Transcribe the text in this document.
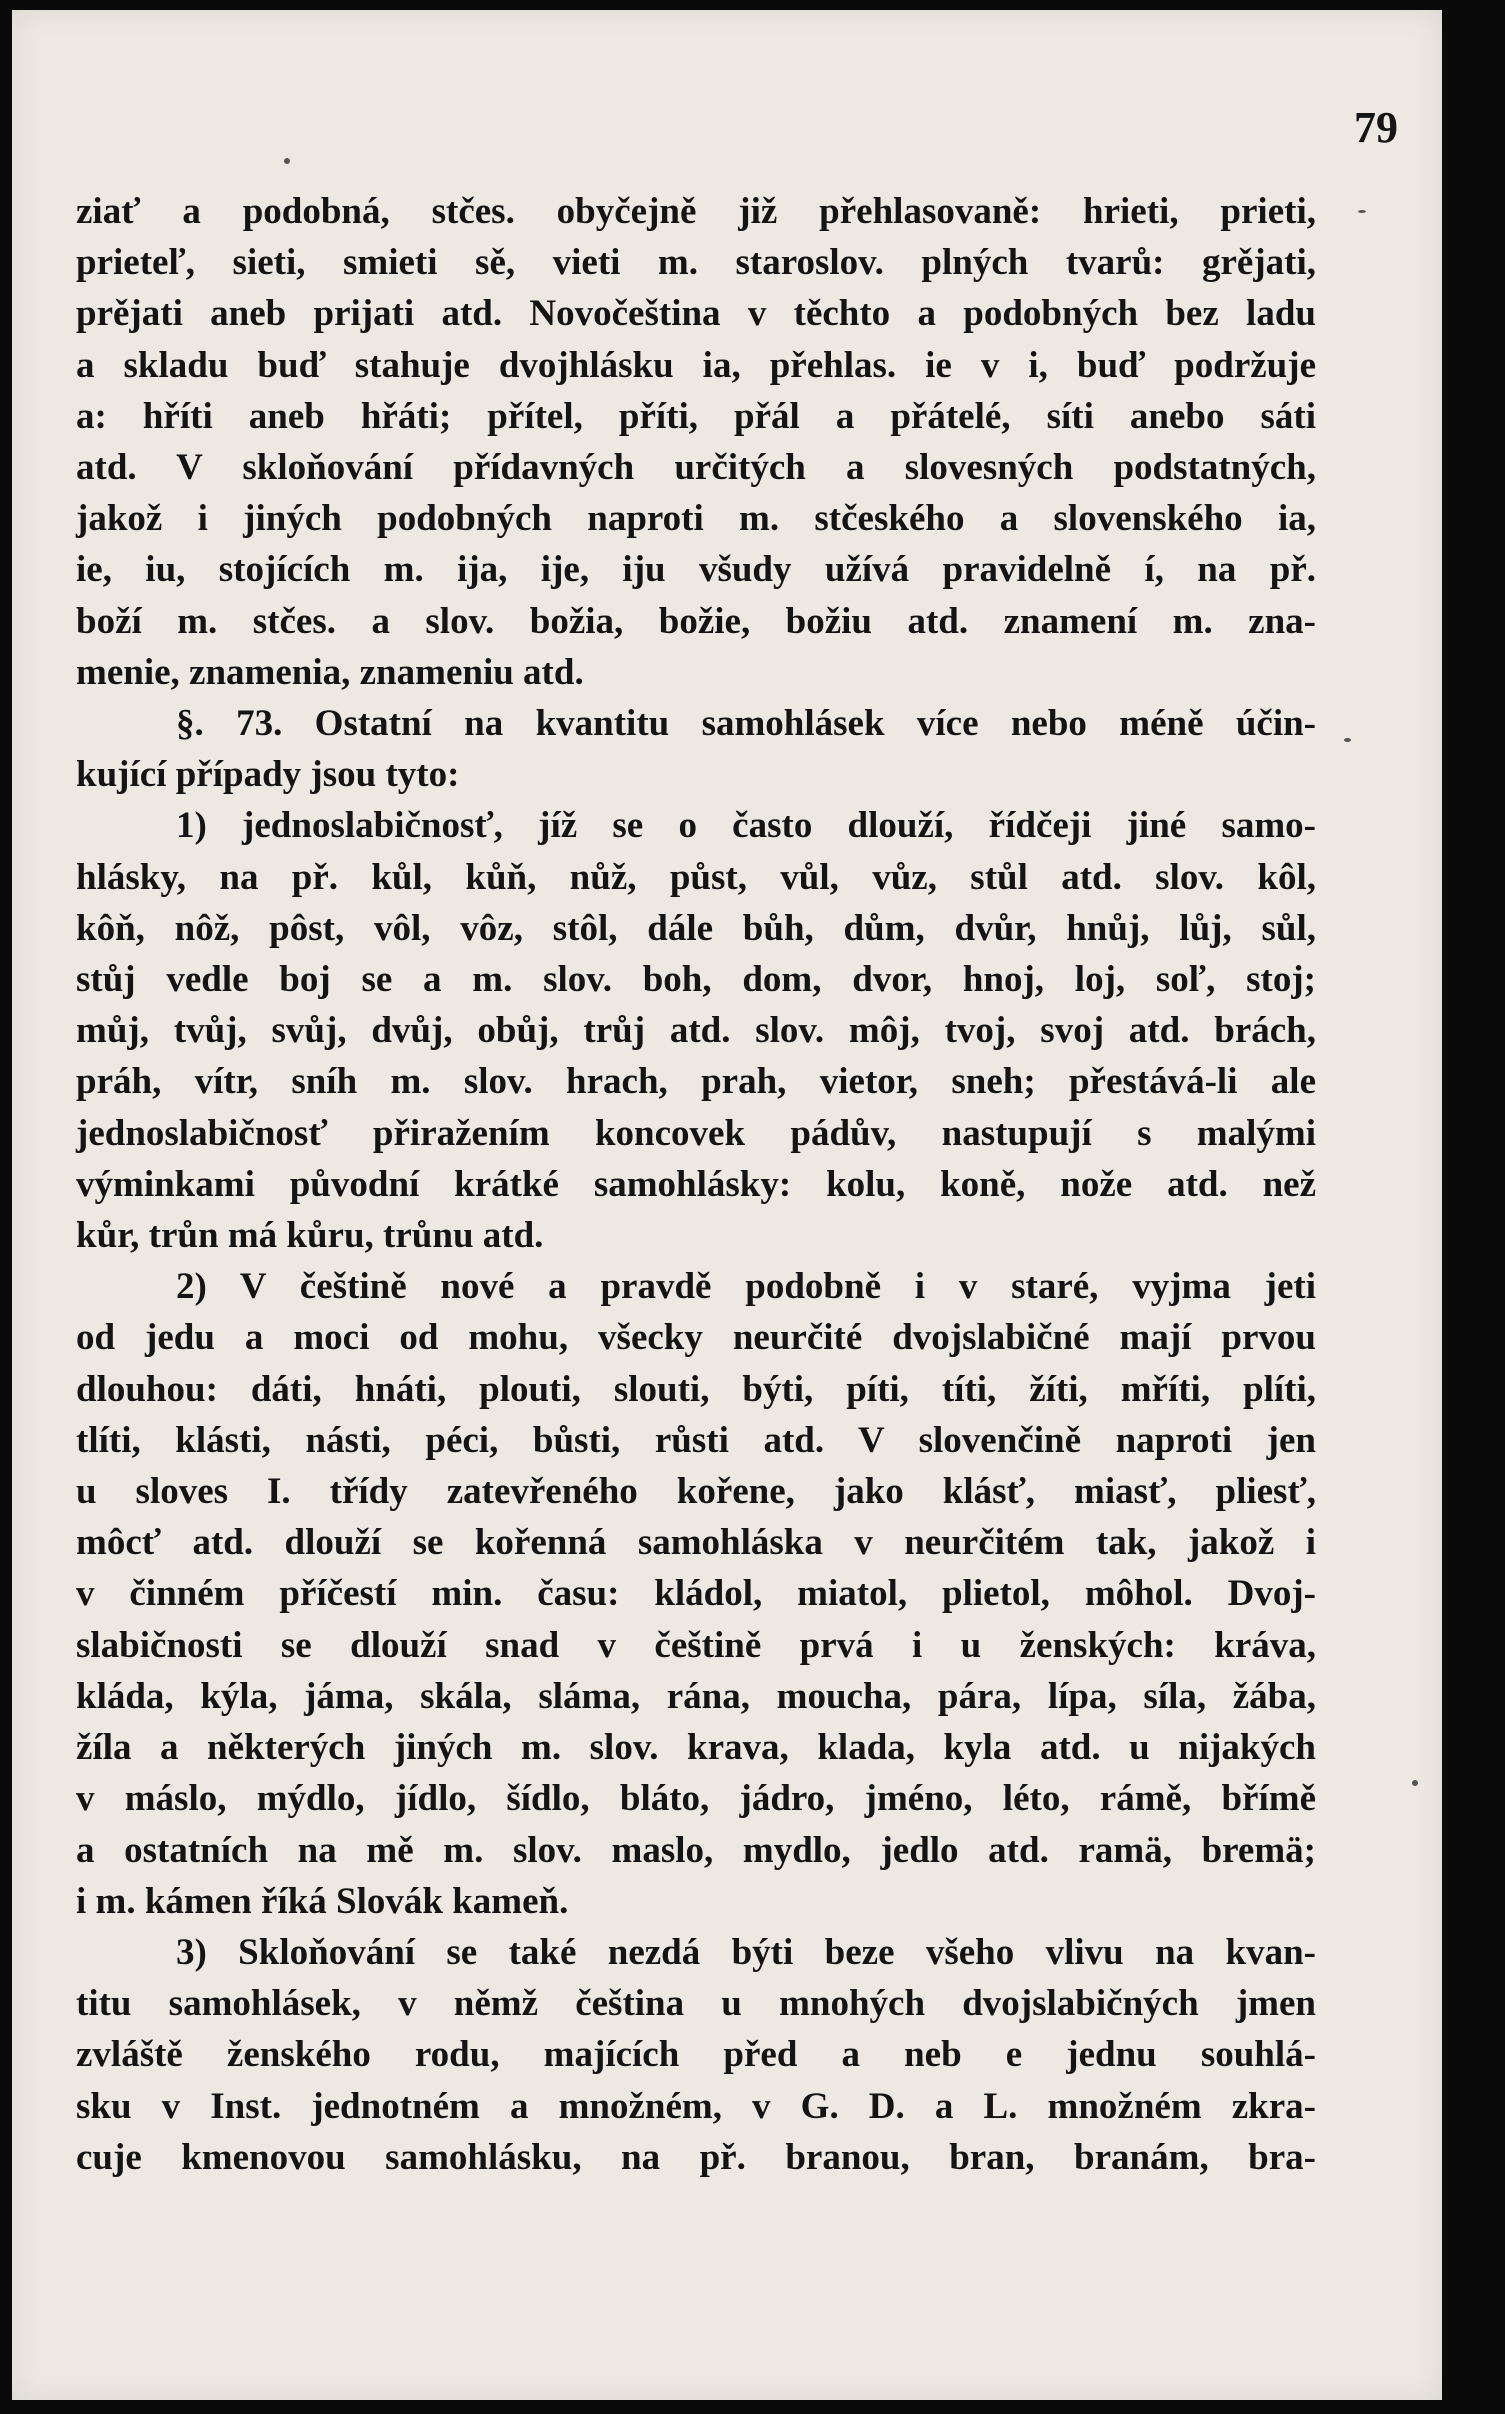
79
ziať a podobná, stčes. obyčejně již přehlasovaně: hrieti, prieti,
prieteľ, sieti, smieti sě, vieti m. staroslov. plných tvarů: grějati,
prějati aneb prijati atd. Novočeština v těchto a podobných bez ladu
a skladu buď stahuje dvojhlásku ia, přehlas. ie v i, buď podržuje
a: hříti aneb hřáti; přítel, příti, přál a přátelé, síti anebo sáti
atd. V skloňování přídavných určitých a slovesných podstatných,
jakož i jiných podobných naproti m. stčeského a slovenského ia,
ie, iu, stojících m. ija, ije, iju všudy užívá pravidelně í, na př.
boží m. stčes. a slov. božia, božie, božiu atd. znamení m. zna-
menie, znamenia, znameniu atd.
§. 73. Ostatní na kvantitu samohlásek více nebo méně účin-
kující případy jsou tyto:
1) jednoslabičnosť, jíž se o často dlouží, řídčeji jiné samo-
hlásky, na př. kůl, kůň, nůž, půst, vůl, vůz, stůl atd. slov. kôl,
kôň, nôž, pôst, vôl, vôz, stôl, dále bůh, dům, dvůr, hnůj, lůj, sůl,
stůj vedle boj se a m. slov. boh, dom, dvor, hnoj, loj, soľ, stoj;
můj, tvůj, svůj, dvůj, obůj, trůj atd. slov. môj, tvoj, svoj atd. brách,
práh, vítr, sníh m. slov. hrach, prah, vietor, sneh; přestává-li ale
jednoslabičnosť přiražením koncovek pádův, nastupují s malými
výminkami původní krátké samohlásky: kolu, koně, nože atd. než
kůr, trůn má kůru, trůnu atd.
2) V češtině nové a pravdě podobně i v staré, vyjma jeti
od jedu a moci od mohu, všecky neurčité dvojslabičné mají prvou
dlouhou: dáti, hnáti, plouti, slouti, býti, píti, títi, žíti, mříti, plíti,
tlíti, klásti, násti, péci, bůsti, růsti atd. V slovenčině naproti jen
u sloves I. třídy zatevřeného kořene, jako klásť, miasť, pliesť,
môcť atd. dlouží se kořenná samohláska v neurčitém tak, jakož i
v činném příčestí min. času: kládol, miatol, plietol, môhol. Dvoj-
slabičnosti se dlouží snad v češtině prvá i u ženských: kráva,
kláda, kýla, jáma, skála, sláma, rána, moucha, pára, lípa, síla, žába,
žíla a některých jiných m. slov. krava, klada, kyla atd. u nijakých
v máslo, mýdlo, jídlo, šídlo, bláto, jádro, jméno, léto, rámě, břímě
a ostatních na mě m. slov. maslo, mydlo, jedlo atd. ramä, bremä;
i m. kámen říká Slovák kameň.
3) Skloňování se také nezdá býti beze všeho vlivu na kvan-
titu samohlásek, v němž čeština u mnohých dvojslabičných jmen
zvláště ženského rodu, majících před a neb e jednu souhlá-
sku v Inst. jednotném a množném, v G. D. a L. množném zkra-
cuje kmenovou samohlásku, na př. branou, bran, branám, bra-
